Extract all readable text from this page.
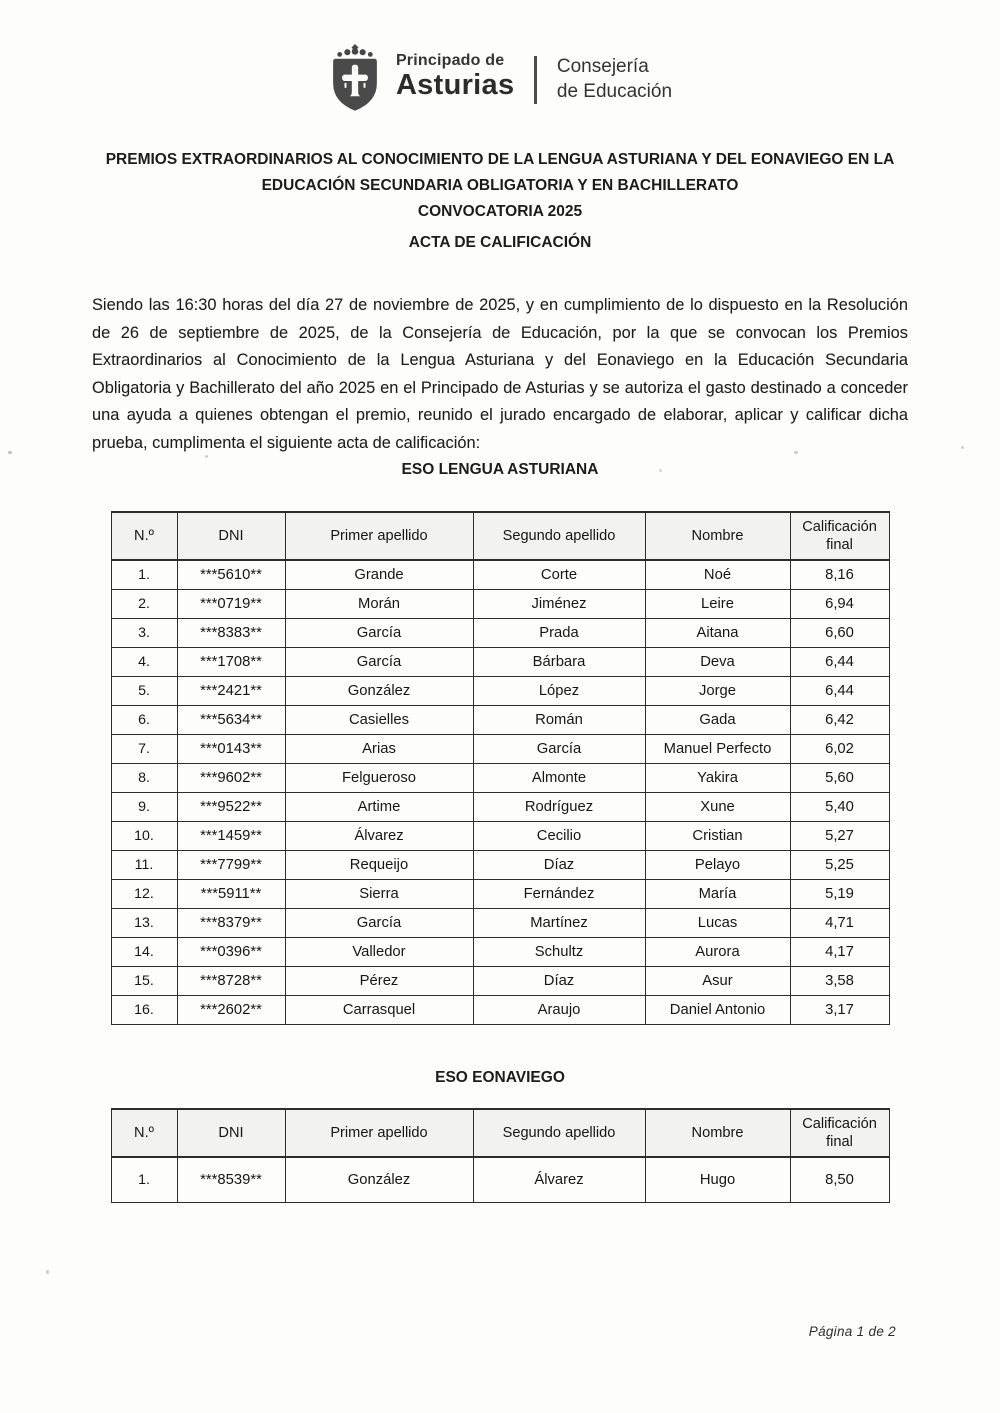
Principado de
Asturias
Consejería
de Educación
PREMIOS EXTRAORDINARIOS AL CONOCIMIENTO DE LA LENGUA ASTURIANA Y DEL EONAVIEGO EN LA
EDUCACIÓN SECUNDARIA OBLIGATORIA Y EN BACHILLERATO
CONVOCATORIA 2025
ACTA DE CALIFICACIÓN

Siendo las 16:30 horas del día 27 de noviembre de 2025, y en cumplimiento de lo dispuesto en la Resolución de 26 de septiembre de 2025, de la Consejería de Educación, por la que se convocan los Premios Extraordinarios al Conocimiento de la Lengua Asturiana y del Eonaviego en la Educación Secundaria Obligatoria y Bachillerato del año 2025 en el Principado de Asturias y se autoriza el gasto destinado a conceder una ayuda a quienes obtengan el premio, reunido el jurado encargado de elaborar, aplicar y calificar dicha prueba, cumplimenta el siguiente acta de calificación:

ESO LENGUA ASTURIANA
N.º	DNI	Primer apellido	Segundo apellido	Nombre	Calificación final
1.	***5610**	Grande	Corte	Noé	8,16
2.	***0719**	Morán	Jiménez	Leire	6,94
3.	***8383**	García	Prada	Aitana	6,60
4.	***1708**	García	Bárbara	Deva	6,44
5.	***2421**	González	López	Jorge	6,44
6.	***5634**	Casielles	Román	Gada	6,42
7.	***0143**	Arias	García	Manuel Perfecto	6,02
8.	***9602**	Felgueroso	Almonte	Yakira	5,60
9.	***9522**	Artime	Rodríguez	Xune	5,40
10.	***1459**	Álvarez	Cecilio	Cristian	5,27
11.	***7799**	Requeijo	Díaz	Pelayo	5,25
12.	***5911**	Sierra	Fernández	María	5,19
13.	***8379**	García	Martínez	Lucas	4,71
14.	***0396**	Valledor	Schultz	Aurora	4,17
15.	***8728**	Pérez	Díaz	Asur	3,58
16.	***2602**	Carrasquel	Araujo	Daniel Antonio	3,17
ESO EONAVIEGO
N.º	DNI	Primer apellido	Segundo apellido	Nombre	Calificación final
1.	***8539**	González	Álvarez	Hugo	8,50
Página 1 de 2
